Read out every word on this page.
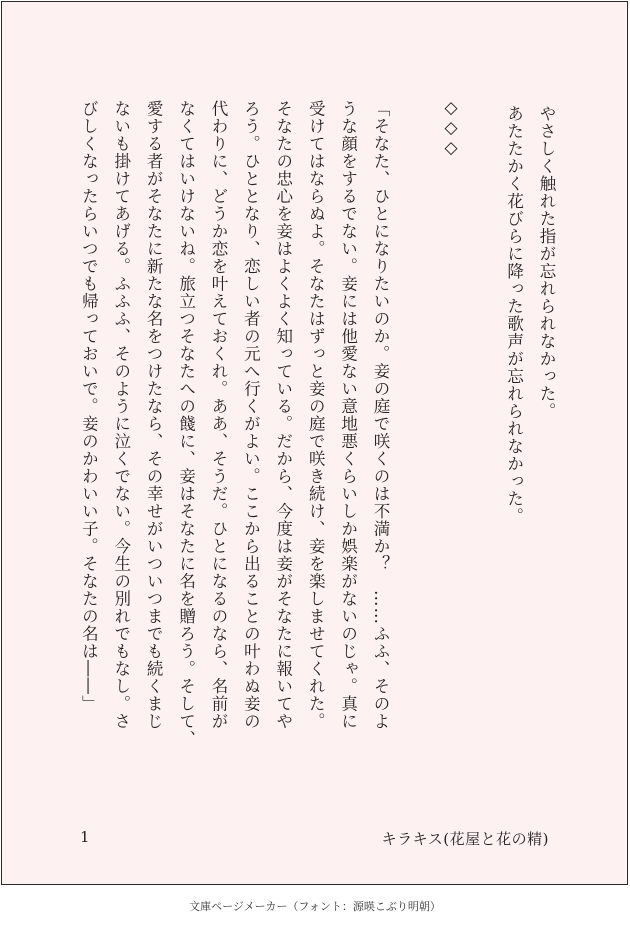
やさしく触れた指が忘れられなかった。
あたたかく花びらに降った歌声が忘れられなかった。
◇◇◇
「そなた、ひとになりたいのか。妾の庭で咲くのは不満か？　……ふふ、そのよ
うな顔をするでない。妾には他愛ない意地悪くらいしか娯楽がないのじゃ。真に
受けてはならぬよ。そなたはずっと妾の庭で咲き続け、妾を楽しませてくれた。
そなたの忠心を妾はよくよく知っている。だから、今度は妾がそなたに報いてや
ろう。ひととなり、恋しい者の元へ行くがよい。ここから出ることの叶わぬ妾の
代わりに、どうか恋を叶えておくれ。ああ、そうだ。ひとになるのなら、名前が
なくてはいけないね。旅立つそなたへの餞に、妾はそなたに名を贈ろう。そして、
愛する者がそなたに新たな名をつけたなら、その幸せがいついつまでも続くまじ
ないも掛けてあげる。ふふふ、そのように泣くでない。今生の別れでもなし。さ
びしくなったらいつでも帰っておいで。妾のかわいい子。そなたの名は――」
1	キラキス(花屋と花の精)
文庫ページメーカー（フォント：源暎こぶり明朝）
